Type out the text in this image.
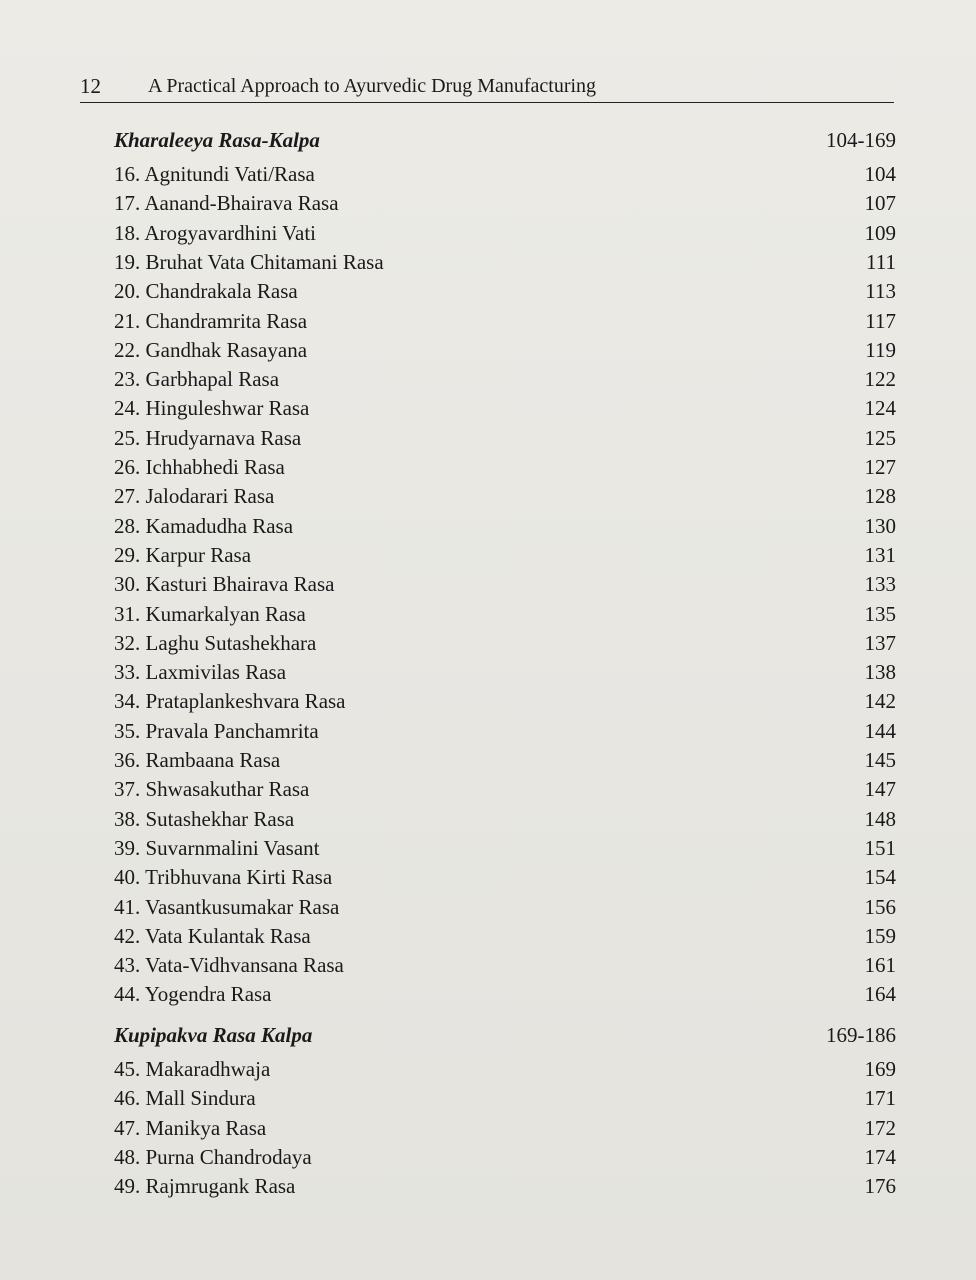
12 A Practical Approach to Ayurvedic Drug Manufacturing
Kharaleeya Rasa-Kalpa	104-169
16. Agnitundi Vati/Rasa	104
17. Aanand-Bhairava Rasa	107
18. Arogyavardhini Vati	109
19. Bruhat Vata Chitamani Rasa	111
20. Chandrakala Rasa	113
21. Chandramrita Rasa	117
22. Gandhak Rasayana	119
23. Garbhapal Rasa	122
24. Hinguleshwar Rasa	124
25. Hrudyarnava Rasa	125
26. Ichhabhedi Rasa	127
27. Jalodarari Rasa	128
28. Kamadudha Rasa	130
29. Karpur Rasa	131
30. Kasturi Bhairava Rasa	133
31. Kumarkalyan Rasa	135
32. Laghu Sutashekhara	137
33. Laxmivilas Rasa	138
34. Prataplankeshvara Rasa	142
35. Pravala Panchamrita	144
36. Rambaana Rasa	145
37. Shwasakuthar Rasa	147
38. Sutashekhar Rasa	148
39. Suvarnmalini Vasant	151
40. Tribhuvana Kirti Rasa	154
41. Vasantkusumakar Rasa	156
42. Vata Kulantak Rasa	159
43. Vata-Vidhvansana Rasa	161
44. Yogendra Rasa	164
Kupipakva Rasa Kalpa	169-186
45. Makaradhwaja	169
46. Mall Sindura	171
47. Manikya Rasa	172
48. Purna Chandrodaya	174
49. Rajmrugank Rasa	176
